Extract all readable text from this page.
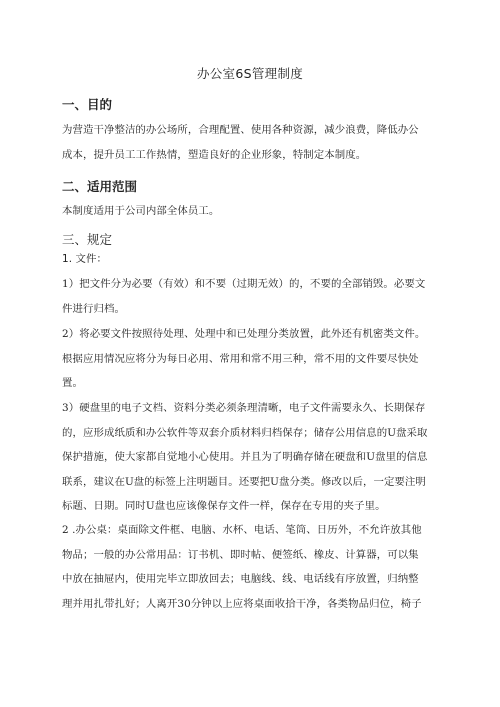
办公室6S管理制度
一、目的
为营造干净整洁的办公场所，合理配置、使用各种资源，减少浪费，降低办公
成本，提升员工工作热情，塑造良好的企业形象，特制定本制度。
二、适用范围
本制度适用于公司内部全体员工。
三、规定
1. 文件：
1）把文件分为必要（有效）和不要（过期无效）的，不要的全部销毁。必要文
件进行归档。
2）将必要文件按照待处理、处理中和已处理分类放置，此外还有机密类文件。
根据应用情况应将分为每日必用、常用和常不用三种，常不用的文件要尽快处
置。
3）硬盘里的电子文档、资料分类必须条理清晰，电子文件需要永久、长期保存
的，应形成纸质和办公软件等双套介质材料归档保存；储存公用信息的U盘采取
保护措施，使大家都自觉地小心使用。并且为了明确存储在硬盘和U盘里的信息
联系，建议在U盘的标签上注明题目。还要把U盘分类。修改以后，一定要注明
标题、日期。同时U盘也应该像保存文件一样，保存在专用的夹子里。
2 .办公桌：桌面除文件框、电脑、水杯、电话、笔筒、日历外，不允许放其他
物品；一般的办公常用品：订书机、即时帖、便签纸、橡皮、计算器，可以集
中放在抽屉内，使用完毕立即放回去；电脑线、线、电话线有序放置，归纳整
理并用扎带扎好；人离开30分钟以上应将桌面收拾干净，各类物品归位，椅子
